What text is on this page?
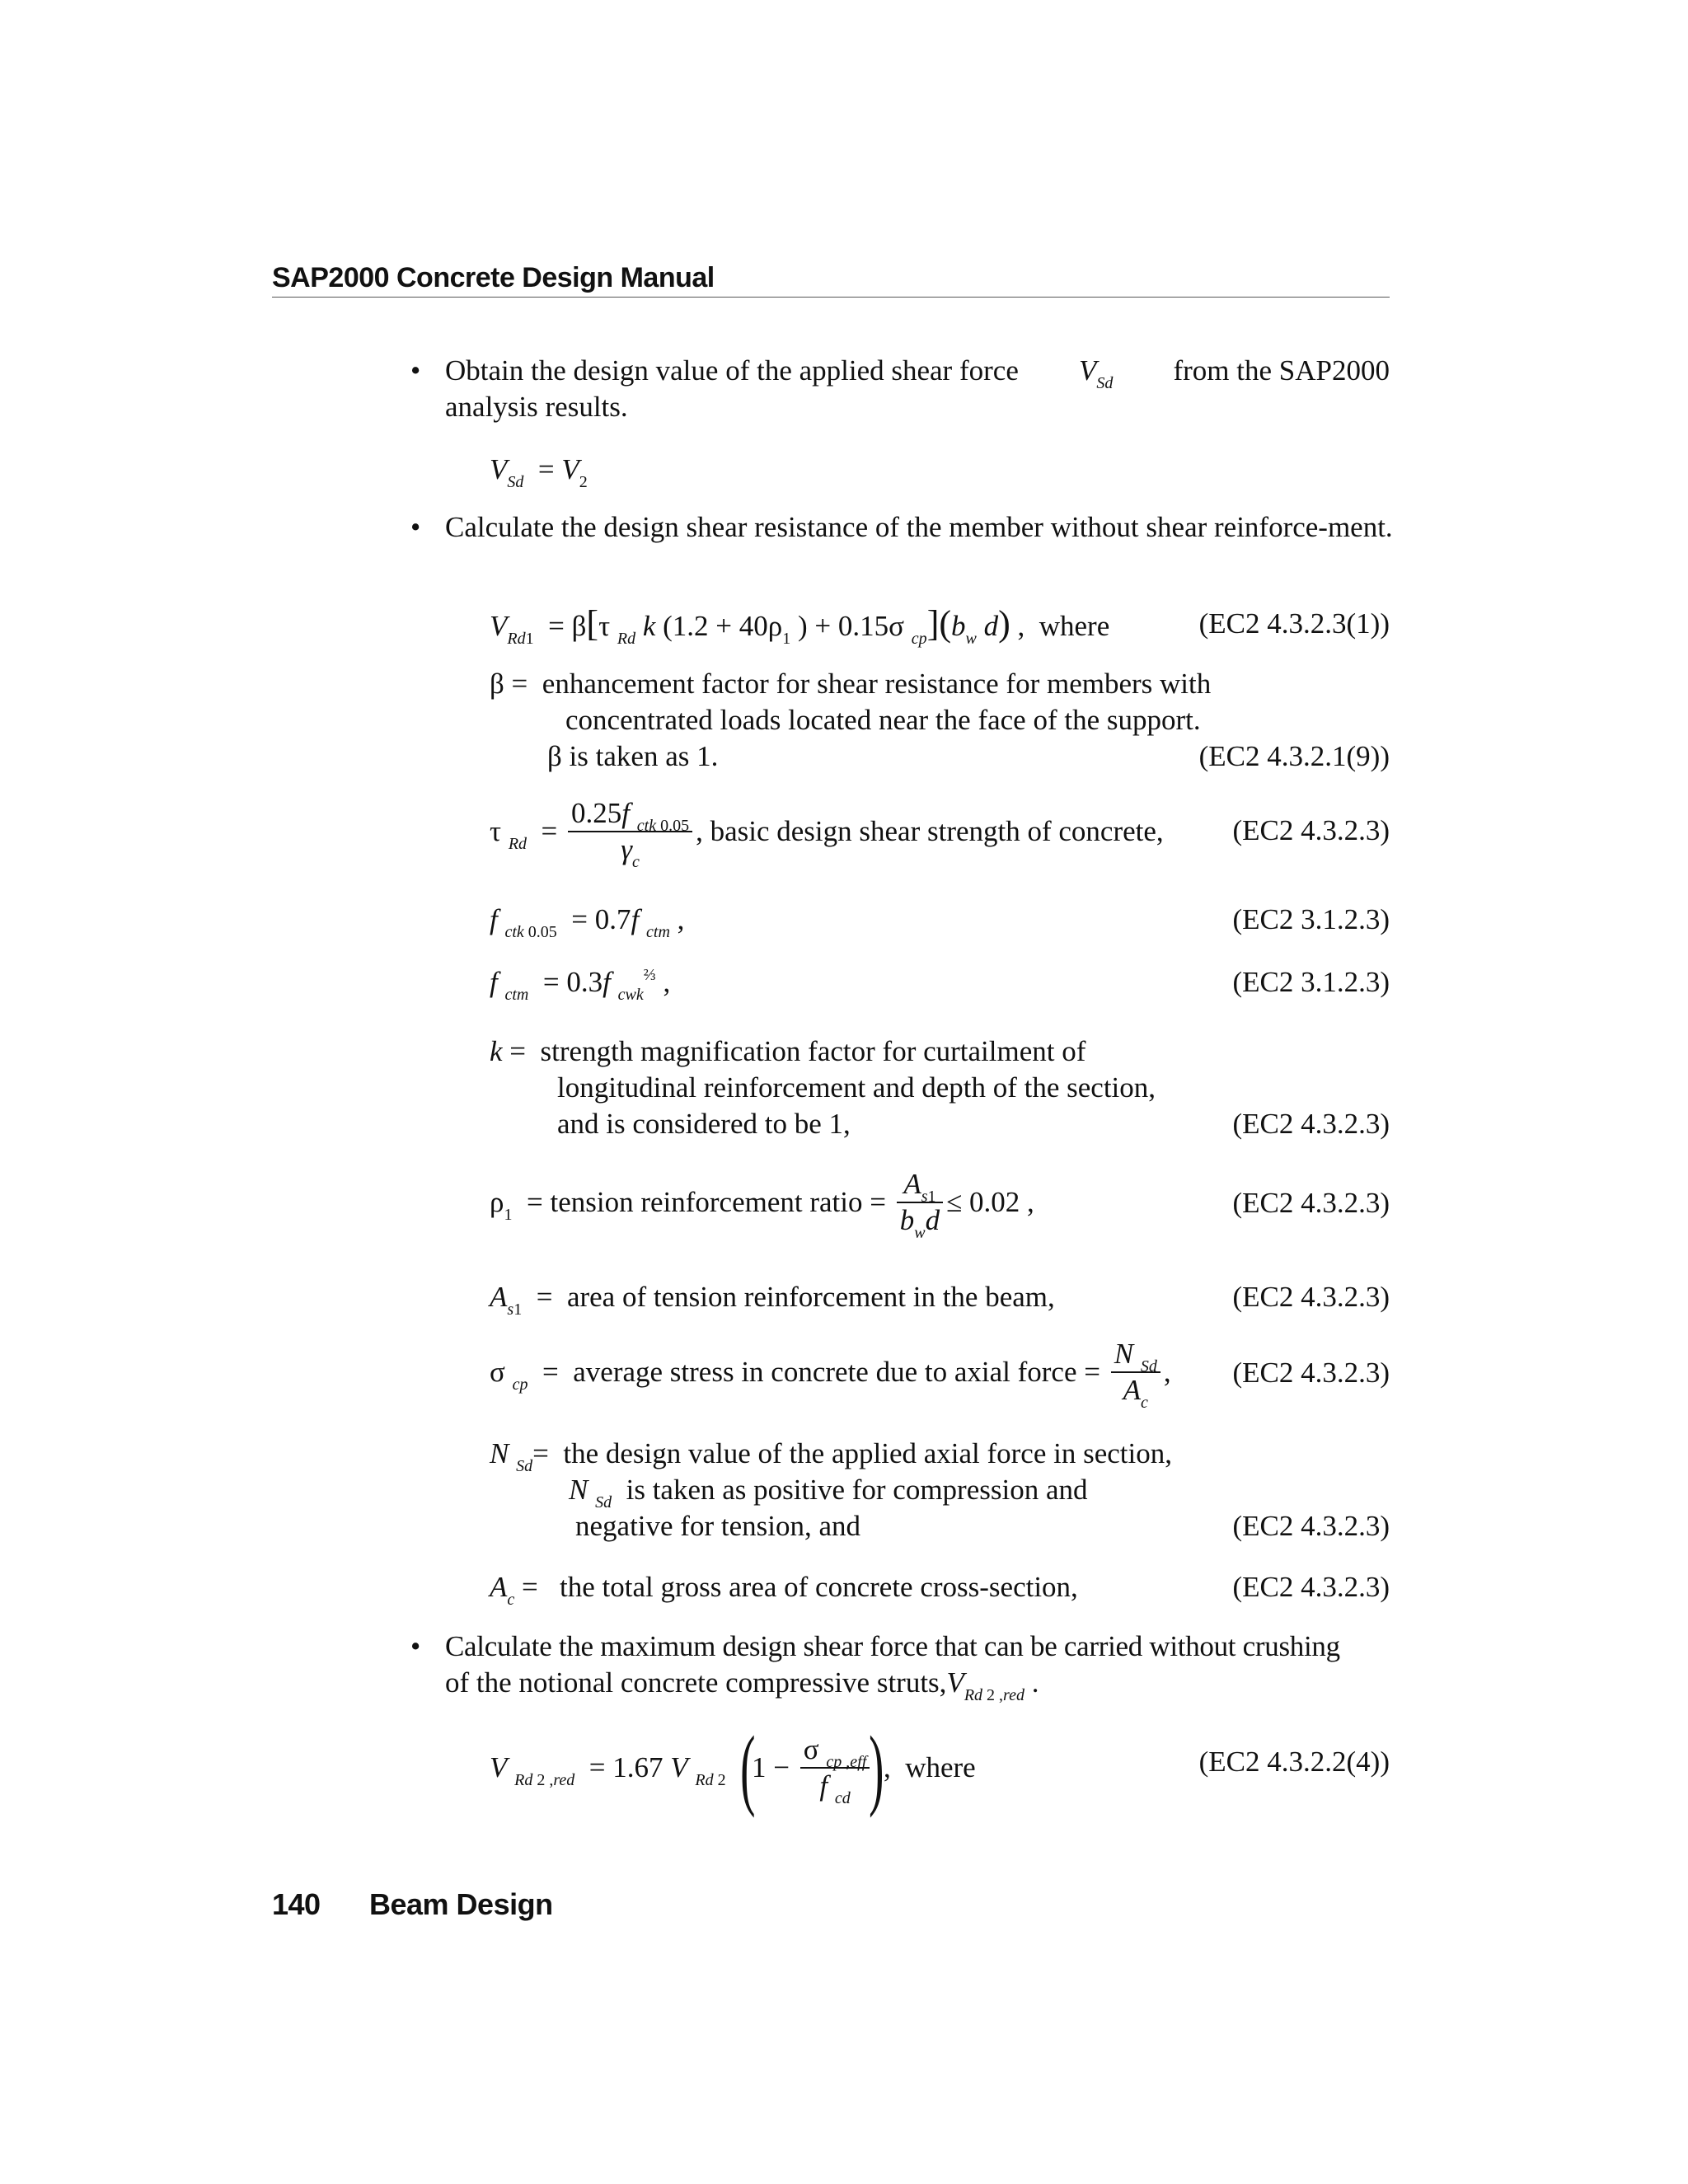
SAP2000 Concrete Design Manual
• Obtain the design value of the applied shear force $V_{Sd}$ from the SAP2000
analysis results.
$V_{Sd} = V_2$
• Calculate the design shear resistance of the member without shear reinforce-ment.
$V_{Rd1} = \beta[\tau$ $_{Rd}$ k ($1.2 + 40\rho_1$ ) + 0.15σ $_{cp}](b_w$ d) ,  where	(EC2 4.3.2.3(1))
β =  enhancement factor for shear resistance for members with
concentrated loads located near the face of the support.
β is taken as 1.	(EC2 4.3.2.1(9))
τ $_{Rd} = \frac{0.25f _{ctk} _{0.05}}{\gamma_c}$ , basic design shear strength of concrete, (EC2 4.3.2.3)
f $_{ctk}$ $_{0.05}$  = 0.7f $_{ctm}$ ,	(EC2 3.1.2.3)
f $_{ctm}$  = 0.3f $_{cwk}^{\frac{2}{3}}$ ,	(EC2 3.1.2.3)
k =  strength magnification factor for curtailment of
longitudinal reinforcement and depth of the section,
and is considered to be 1,	(EC2 4.3.2.3)
$\rho_1$  = tension reinforcement ratio = $\frac{A_{s1}}{b_wd} \le 0.02$ ,	(EC2 4.3.2.3)
$A_{s1}$  =  area of tension reinforcement in the beam,	(EC2 4.3.2.3)
σ $_{cp}$  =  average stress in concrete due to axial force = $\frac{N _{Sd}}{A_c}$ , (EC2 4.3.2.3)
N $_{Sd}$=  the design value of the applied axial force in section,
N $_{Sd}$ is taken as positive for compression and
negative for tension, and	(EC2 4.3.2.3)
$A_c$ =   the total gross area of concrete cross-section,	(EC2 4.3.2.3)
• Calculate the maximum design shear force that can be carried without crushing
of the notional concrete compressive $struts,V_{Rd}$ $_{2 ,red}$ .
V $_{Rd}$ $_{2 ,red}$  = 1.67 V $_{Rd}$ $_2$ ($1 - \frac{\sigma _{cp} _{,eff}}{f _{cd}}$ ),  where	(EC2 4.3.2.2(4))
140 Beam Design
